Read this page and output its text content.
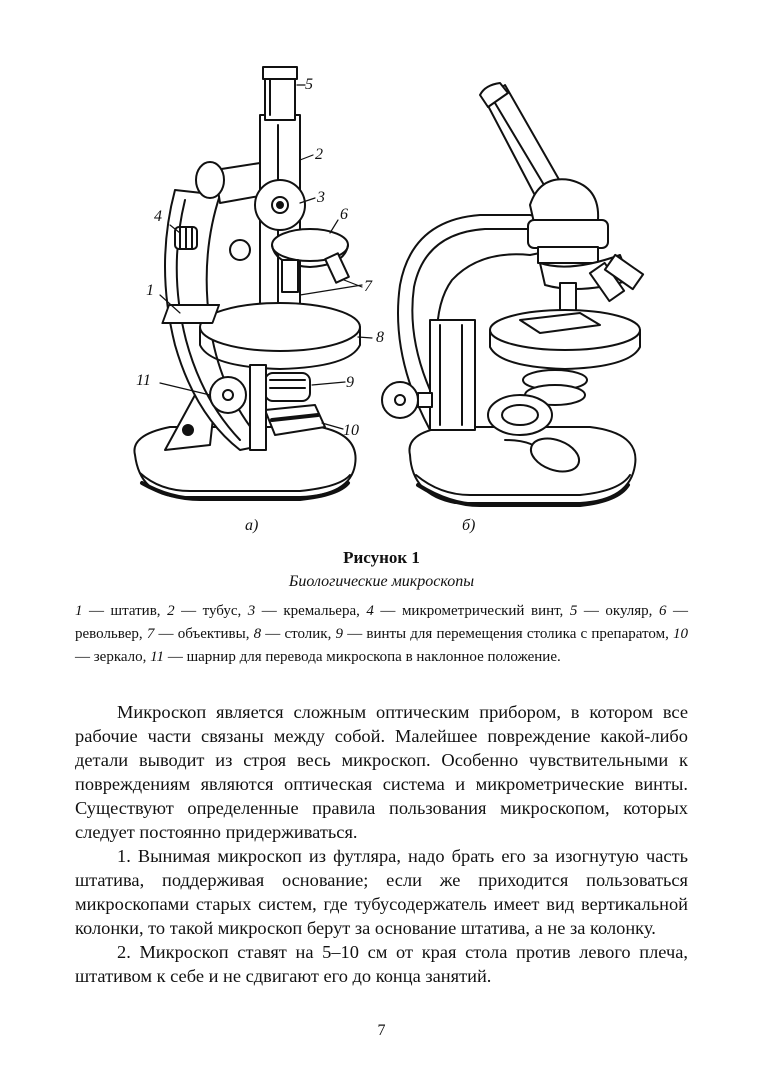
5
2
3
6
4
1	7
8
11	9
10
а)	б)
Рисунок 1
Биологические микроскопы
1 — штатив, 2 — тубус, 3 — кремальера, 4 — микрометрический винт, 5 — окуляр, 6 — револьвер, 7 — объективы, 8 — столик, 9 — винты для перемещения столика с препаратом, 10 — зеркало, 11 — шарнир для перевода микроскопа в наклонное положение.

Микроскоп является сложным оптическим прибором, в котором все рабочие части связаны между собой. Малейшее повреждение какой-либо детали выводит из строя весь микроскоп. Особенно чувствительными к повреждениям являются оптическая система и микрометрические винты. Существуют определенные правила пользования микроскопом, которых следует постоянно придерживаться.

1. Вынимая микроскоп из футляра, надо брать его за изогнутую часть штатива, поддерживая основание; если же приходится пользоваться микроскопами старых систем, где тубусодержатель имеет вид вертикальной колонки, то такой микроскоп берут за основание штатива, а не за колонку.

2. Микроскоп ставят на 5–10 см от края стола против левого плеча, штативом к себе и не сдвигают его до конца занятий.

7
